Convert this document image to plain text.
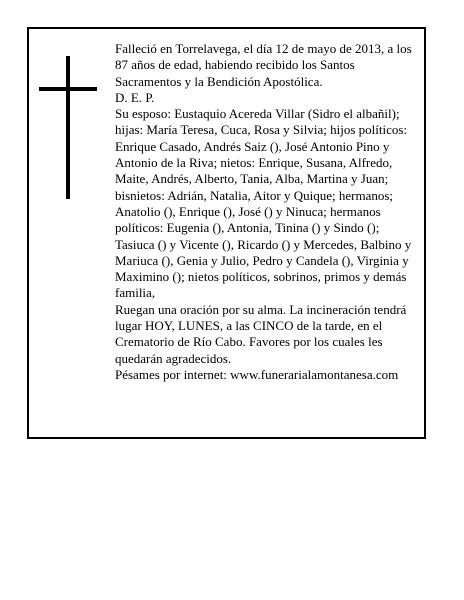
Falleció en Torrelavega, el día 12 de mayo de 2013, a los 87 años de edad, habiendo recibido los Santos Sacramentos y la Bendición Apostólica.

D. E. P.

Su esposo: Eustaquio Acereda Villar (Sidro el albañil); hijas: María Teresa, Cuca, Rosa y Silvia; hijos políticos: Enrique Casado, Andrés Saiz (), José Antonio Pino y Antonio de la Riva; nietos: Enrique, Susana, Alfredo, Maite, Andrés, Alberto, Tania, Alba, Martina y Juan; bisnietos: Adrián, Natalia, Aitor y Quique; hermanos; Anatolio (), Enrique (), José () y Ninuca; hermanos políticos: Eugenia (), Antonia, Tinina () y Sindo (); Tasiuca () y Vicente (), Ricardo () y Mercedes, Balbino y Mariuca (), Genia y Julio, Pedro y Candela (), Virginia y Maximino (); nietos políticos, sobrinos, primos y demás familia,

Ruegan una oración por su alma. La incineración tendrá lugar HOY, LUNES, a las CINCO de la tarde, en el Crematorio de Río Cabo. Favores por los cuales les quedarán agradecidos.

Pésames por internet: www.funerarialamontanesa.com
